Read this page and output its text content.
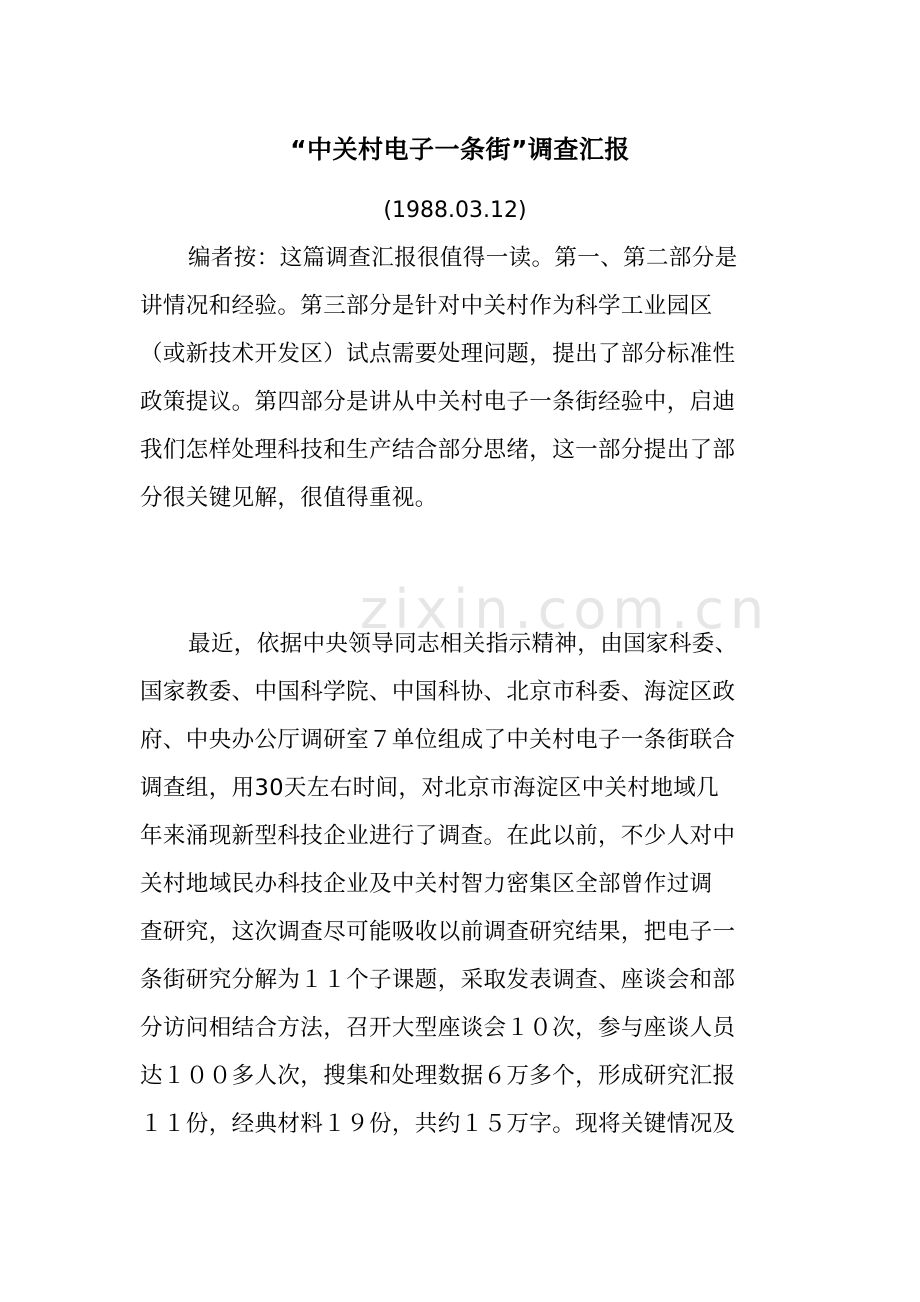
zixin.com.cn
“中关村电子一条街”调查汇报
(1988.03.12)
编者按：这篇调查汇报很值得一读。第一、第二部分是
讲情况和经验。第三部分是针对中关村作为科学工业园区
（或新技术开发区）试点需要处理问题，提出了部分标准性
政策提议。第四部分是讲从中关村电子一条街经验中，启迪
我们怎样处理科技和生产结合部分思绪，这一部分提出了部
分很关键见解，很值得重视。
最近，依据中央领导同志相关指示精神，由国家科委、
国家教委、中国科学院、中国科协、北京市科委、海淀区政
府、中央办公厅调研室７单位组成了中关村电子一条街联合
调查组，用30天左右时间，对北京市海淀区中关村地域几
年来涌现新型科技企业进行了调查。在此以前，不少人对中
关村地域民办科技企业及中关村智力密集区全部曾作过调
查研究，这次调查尽可能吸收以前调查研究结果，把电子一
条街研究分解为１１个子课题，采取发表调查、座谈会和部
分访问相结合方法，召开大型座谈会１０次，参与座谈人员
达１００多人次，搜集和处理数据６万多个，形成研究汇报
１１份，经典材料１９份，共约１５万字。现将关键情况及
